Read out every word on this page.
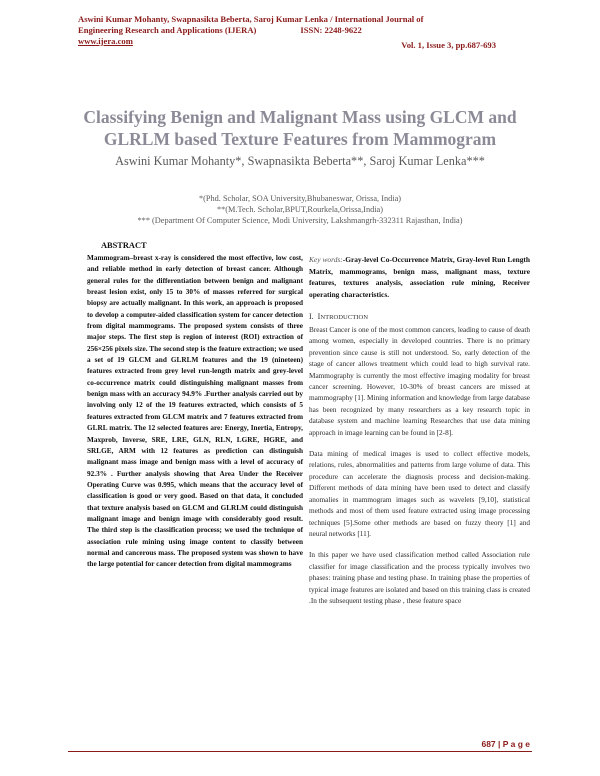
Aswini Kumar Mohanty, Swapnasikta Beberta, Saroj Kumar Lenka / International Journal of
Engineering Research and Applications (IJERA)	ISSN: 2248-9622
www.ijera.com	Vol. 1, Issue 3, pp.687-693
Classifying Benign and Malignant Mass using GLCM and
GLRLM based Texture Features from Mammogram
Aswini Kumar Mohanty*, Swapnasikta Beberta**, Saroj Kumar Lenka***
*(Phd. Scholar, SOA University,Bhubaneswar, Orissa, India)
**(M.Tech. Scholar,BPUT,Rourkela,Orissa,India)
*** (Department Of Computer Science, Modi University, Lakshmangrh-332311 Rajasthan, India)
ABSTRACT
Mammogram–breast x-ray is considered the most effective, low cost, and reliable method in early detection of breast cancer. Although general rules for the differentiation between benign and malignant breast lesion exist, only 15 to 30% of masses referred for surgical biopsy are actually malignant. In this work, an approach is proposed to develop a computer-aided classification system for cancer detection from digital mammograms. The proposed system consists of three major steps. The first step is region of interest (ROI) extraction of 256×256 pixels size. The second step is the feature extraction; we used a set of 19 GLCM and GLRLM features and the 19 (nineteen) features extracted from grey level run-length matrix and grey-level co-occurrence matrix could distinguishing malignant masses from benign mass with an accuracy 94.9% .Further analysis carried out by involving only 12 of the 19 features extracted, which consists of 5 features extracted from GLCM matrix and 7 features extracted from GLRL matrix. The 12 selected features are: Energy, Inertia, Entropy, Maxprob, Inverse, SRE, LRE, GLN, RLN, LGRE, HGRE, and SRLGE, ARM with 12 features as prediction can distinguish malignant mass image and benign mass with a level of accuracy of 92.3% . Further analysis showing that Area Under the Receiver Operating Curve was 0.995, which means that the accuracy level of classification is good or very good. Based on that data, it concluded that texture analysis based on GLCM and GLRLM could distinguish malignant image and benign image with considerably good result. The third step is the classification process; we used the technique of association rule mining using image content to classify between normal and cancerous mass. The proposed system was shown to have the large potential for cancer detection from digital mammograms
Key words:-Gray-level Co-Occurrence Matrix, Gray-level Run Length Matrix, mammograms, benign mass, malignant mass, texture features, textures analysis, association rule mining, Receiver operating characteristics.
I. INTRODUCTION
Breast Cancer is one of the most common cancers, leading to cause of death among women, especially in developed countries. There is no primary prevention since cause is still not understood. So, early detection of the stage of cancer allows treatment which could lead to high survival rate. Mammography is currently the most effective imaging modality for breast cancer screening. However, 10-30% of breast cancers are missed at mammography [1]. Mining information and knowledge from large database has been recognized by many researchers as a key research topic in database system and machine learning Researches that use data mining approach in image learning can be found in [2-8].
Data mining of medical images is used to collect effective models, relations, rules, abnormalities and patterns from large volume of data. This procedure can accelerate the diagnosis process and decision-making. Different methods of data mining have been used to detect and classify anomalies in mammogram images such as wavelets [9,10], statistical methods and most of them used feature extracted using image processing techniques [5].Some other methods are based on fuzzy theory [1] and neural networks [11].
In this paper we have used classification method called Association rule classifier for image classification and the process typically involves two phases: training phase and testing phase. In training phase the properties of typical image features are isolated and based on this training class is created .In the subsequent testing phase , these feature space
687 | P a g e
